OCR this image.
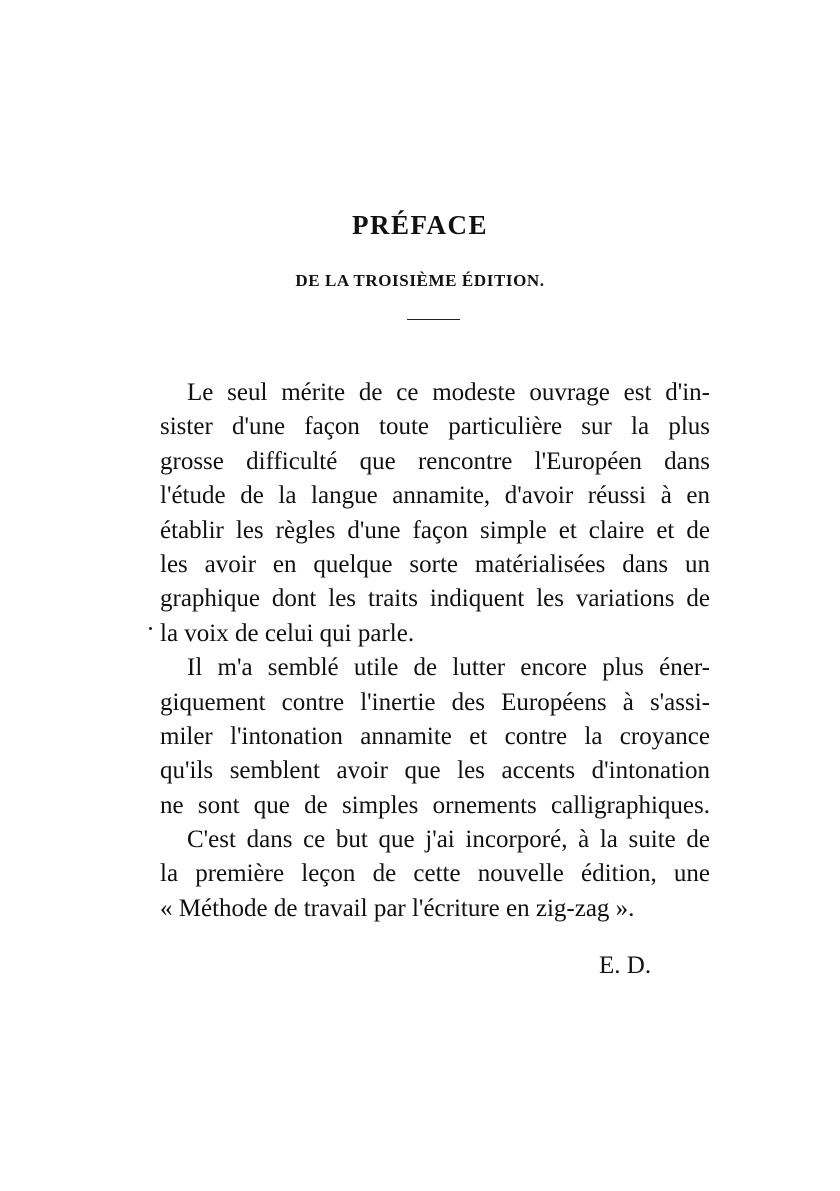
PRÉFACE
DE LA TROISIÈME ÉDITION.
Le seul mérite de ce modeste ouvrage est d'in-
sister d'une façon toute particulière sur la plus
grosse difficulté que rencontre l'Européen dans
l'étude de la langue annamite, d'avoir réussi à en
établir les règles d'une façon simple et claire et de
les avoir en quelque sorte matérialisées dans un
graphique dont les traits indiquent les variations de
la voix de celui qui parle.
Il m'a semblé utile de lutter encore plus éner-
giquement contre l'inertie des Européens à s'assi-
miler l'intonation annamite et contre la croyance
qu'ils semblent avoir que les accents d'intonation
ne sont que de simples ornements calligraphiques.
C'est dans ce but que j'ai incorporé, à la suite de
la première leçon de cette nouvelle édition, une
« Méthode de travail par l'écriture en zig-zag ».
E. D.
